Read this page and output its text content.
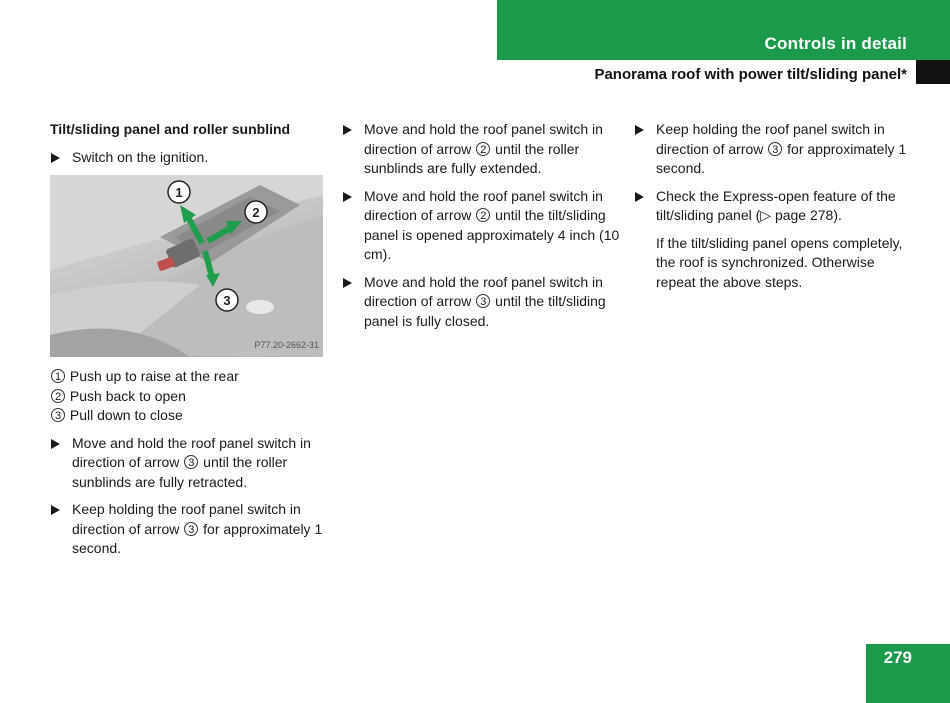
Controls in detail
Panorama roof with power tilt/sliding panel*
Tilt/sliding panel and roller sunblind
Switch on the ignition.
1
2
3
P77.20-2662-31
1 Push up to raise at the rear
2 Push back to open
3 Pull down to close
Move and hold the roof panel switch in direction of arrow 3 until the roller sunblinds are fully retracted.
Keep holding the roof panel switch in direction of arrow 3 for approximately 1 second.
Move and hold the roof panel switch in direction of arrow 2 until the roller sunblinds are fully extended.
Move and hold the roof panel switch in direction of arrow 2 until the tilt/sliding panel is opened approximately 4 inch (10 cm).
Move and hold the roof panel switch in direction of arrow 3 until the tilt/sliding panel is fully closed.
Keep holding the roof panel switch in direction of arrow 3 for approximately 1 second.
Check the Express-open feature of the tilt/sliding panel (▷ page 278).
If the tilt/sliding panel opens completely, the roof is synchronized. Otherwise repeat the above steps.
279
